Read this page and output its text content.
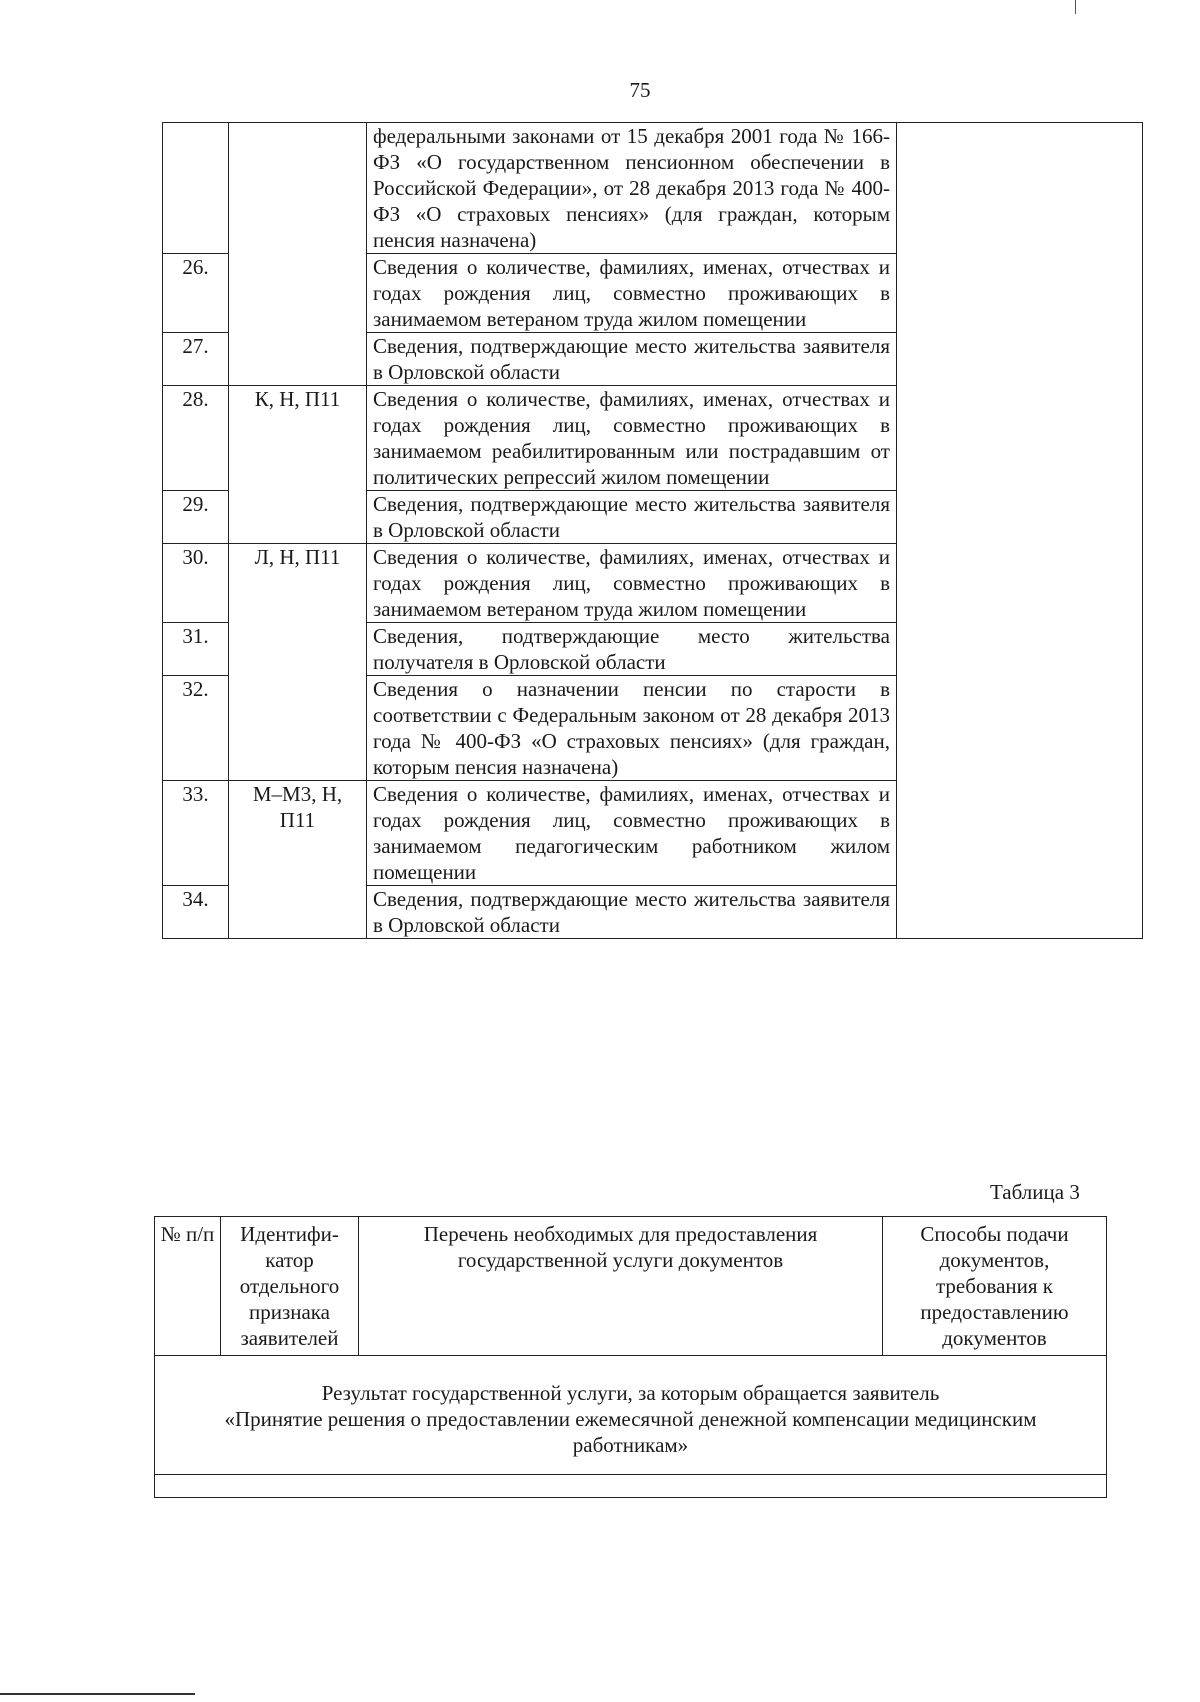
75
		федеральными законами от 15 декабря 2001 года № 166-ФЗ «О государственном пенсионном обеспечении в Российской Федерации», от 28 декабря 2013 года № 400-ФЗ «О страховых пенсиях» (для граждан, которым пенсия назначена)	
26.		Сведения о количестве, фамилиях, именах, отчествах и годах рождения лиц, совместно проживающих в занимаемом ветераном труда жилом помещении	
27.		Сведения, подтверждающие место жительства заявителя в Орловской области	
28.	К, Н, П11	Сведения о количестве, фамилиях, именах, отчествах и годах рождения лиц, совместно проживающих в занимаемом реабилитированным или пострадавшим от политических репрессий жилом помещении	
29.		Сведения, подтверждающие место жительства заявителя в Орловской области	
30.	Л, Н, П11	Сведения о количестве, фамилиях, именах, отчествах и годах рождения лиц, совместно проживающих в занимаемом ветераном труда жилом помещении	
31.		Сведения, подтверждающие место жительства получателя в Орловской области	
32.		Сведения о назначении пенсии по старости в соответствии с Федеральным законом от 28 декабря 2013 года № 400-ФЗ «О страховых пенсиях» (для граждан, которым пенсия назначена)	
33.	М–М3, Н, П11	Сведения о количестве, фамилиях, именах, отчествах и годах рождения лиц, совместно проживающих в занимаемом педагогическим работником жилом помещении	
34.		Сведения, подтверждающие место жительства заявителя в Орловской области	
Таблица 3
№ п/п	Идентифи-катор отдельного признака заявителей	Перечень необходимых для предоставления государственной услуги документов	Способы подачи документов, требования к предоставлению документов

Результат государственной услуги, за которым обращается заявитель
«Принятие решения о предоставлении ежемесячной денежной компенсации медицинским работникам»
